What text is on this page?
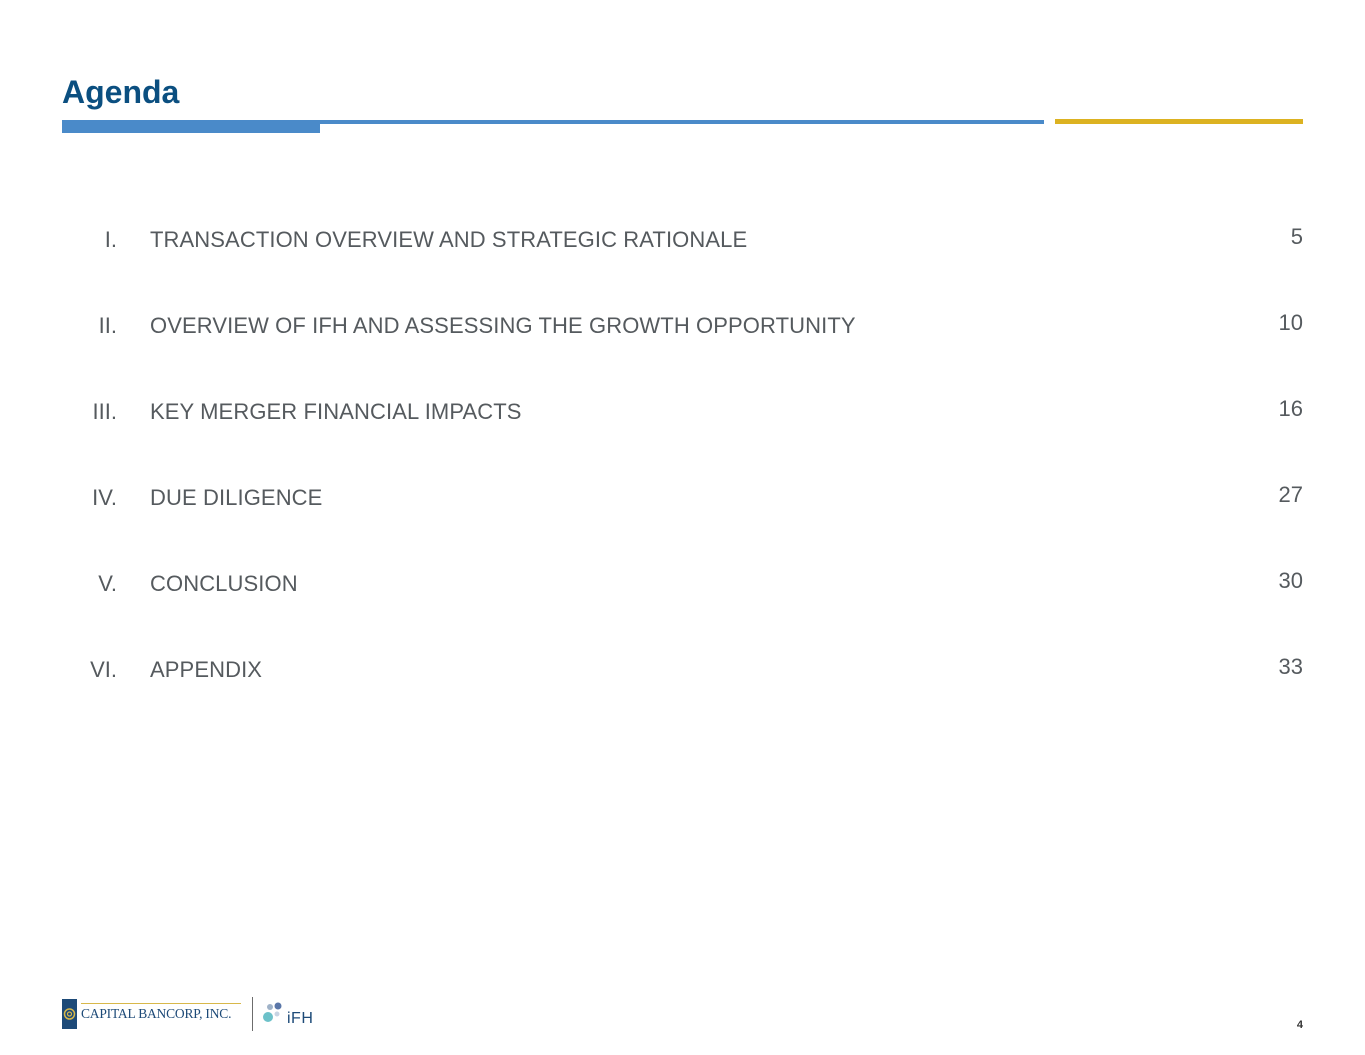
Agenda
I. TRANSACTION OVERVIEW AND STRATEGIC RATIONALE	5
II. OVERVIEW OF IFH AND ASSESSING THE GROWTH OPPORTUNITY	10
III. KEY MERGER FINANCIAL IMPACTS	16
IV. DUE DILIGENCE	27
V. CONCLUSION	30
VI. APPENDIX	33
CAPITAL BANCORP, INC.	iFH	4
